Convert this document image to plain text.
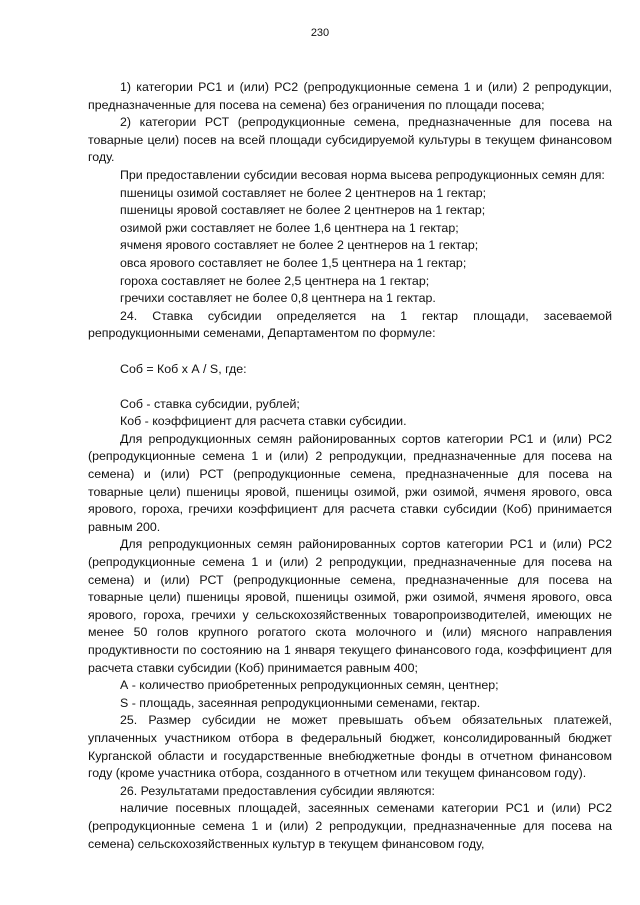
230

1) категории РС1 и (или) РС2 (репродукционные семена 1 и (или) 2 репродукции, предназначенные для посева на семена) без ограничения по площади посева;

2) категории РСТ (репродукционные семена, предназначенные для посева на товарные цели) посев на всей площади субсидируемой культуры в текущем финансовом году.

При предоставлении субсидии весовая норма высева репродукционных семян для:

пшеницы озимой составляет не более 2 центнеров на 1 гектар;

пшеницы яровой составляет не более 2 центнеров на 1 гектар;

озимой ржи составляет не более 1,6 центнера на 1 гектар;

ячменя ярового составляет не более 2 центнеров на 1 гектар;

овса ярового составляет не более 1,5 центнера на 1 гектар;

гороха составляет не более 2,5 центнера на 1 гектар;

гречихи составляет не более 0,8 центнера на 1 гектар.

24. Ставка субсидии определяется на 1 гектар площади, засеваемой репродукционными семенами, Департаментом по формуле:

Соб = Коб х А / S, где:

Соб - ставка субсидии, рублей;

Коб - коэффициент для расчета ставки субсидии.

Для репродукционных семян районированных сортов категории РС1 и (или) РС2 (репродукционные семена 1 и (или) 2 репродукции, предназначенные для посева на семена) и (или) РСТ (репродукционные семена, предназначенные для посева на товарные цели) пшеницы яровой, пшеницы озимой, ржи озимой, ячменя ярового, овса ярового, гороха, гречихи коэффициент для расчета ставки субсидии (Коб) принимается равным 200.

Для репродукционных семян районированных сортов категории РС1 и (или) РС2 (репродукционные семена 1 и (или) 2 репродукции, предназначенные для посева на семена) и (или) РСТ (репродукционные семена, предназначенные для посева на товарные цели) пшеницы яровой, пшеницы озимой, ржи озимой, ячменя ярового, овса ярового, гороха, гречихи у сельскохозяйственных товаропроизводителей, имеющих не менее 50 голов крупного рогатого скота молочного и (или) мясного направления продуктивности по состоянию на 1 января текущего финансового года, коэффициент для расчета ставки субсидии (Коб) принимается равным 400;

А - количество приобретенных репродукционных семян, центнер;

S - площадь, засеянная репродукционными семенами, гектар.

25. Размер субсидии не может превышать объем обязательных платежей, уплаченных участником отбора в федеральный бюджет, консолидированный бюджет Курганской области и государственные внебюджетные фонды в отчетном финансовом году (кроме участника отбора, созданного в отчетном или текущем финансовом году).

26. Результатами предоставления субсидии являются:

наличие посевных площадей, засеянных семенами категории РС1 и (или) РС2 (репродукционные семена 1 и (или) 2 репродукции, предназначенные для посева на семена) сельскохозяйственных культур в текущем финансовом году,
